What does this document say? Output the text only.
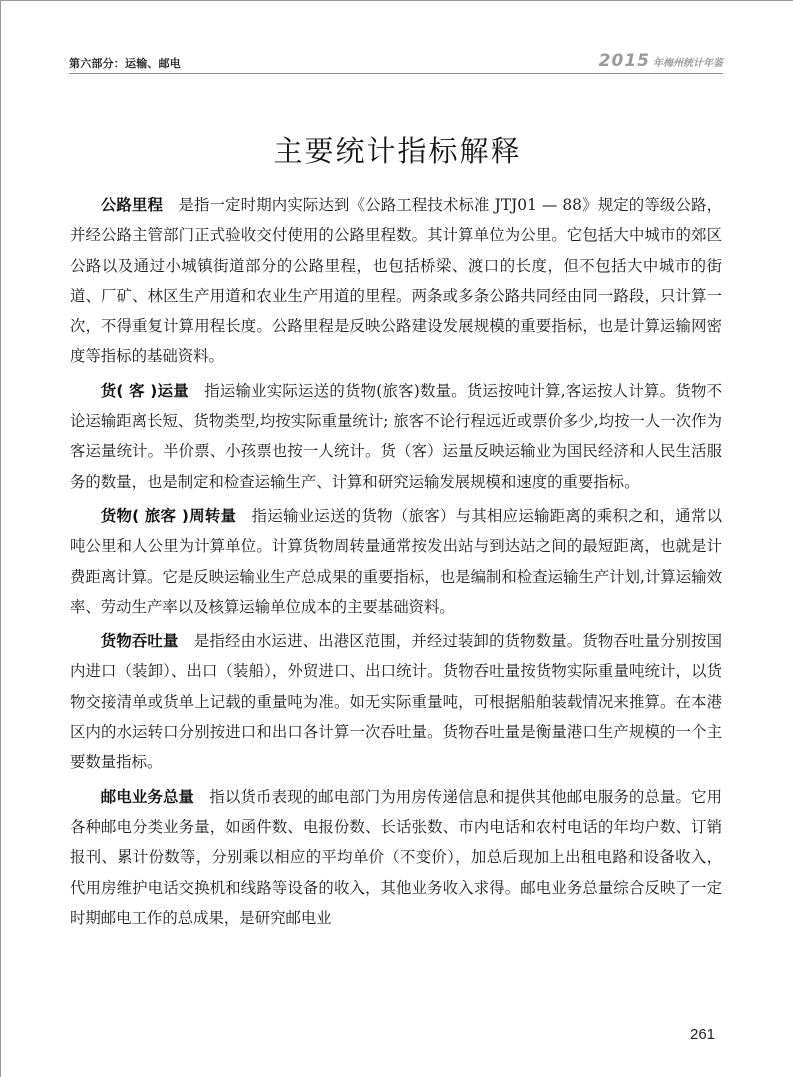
第六部分：运输、邮电	2015 年梅州统计年鉴
主要统计指标解释

公路里程 是指一定时期内实际达到《公路工程技术标准 JTJ01 — 88》规定的等级公路，并经公路主管部门正式验收交付使用的公路里程数。其计算单位为公里。它包括大中城市的郊区公路以及通过小城镇街道部分的公路里程，也包括桥梁、渡口的长度，但不包括大中城市的街道、厂矿、林区生产用道和农业生产用道的里程。两条或多条公路共同经由同一路段，只计算一次，不得重复计算用程长度。公路里程是反映公路建设发展规模的重要指标，也是计算运输网密度等指标的基础资料。

货( 客 )运量 指运输业实际运送的货物(旅客)数量。货运按吨计算,客运按人计算。货物不论运输距离长短、货物类型,均按实际重量统计; 旅客不论行程远近或票价多少,均按一人一次作为客运量统计。半价票、小孩票也按一人统计。货（客）运量反映运输业为国民经济和人民生活服务的数量，也是制定和检查运输生产、计算和研究运输发展规模和速度的重要指标。

货物( 旅客 )周转量 指运输业运送的货物（旅客）与其相应运输距离的乘积之和，通常以吨公里和人公里为计算单位。计算货物周转量通常按发出站与到达站之间的最短距离，也就是计费距离计算。它是反映运输业生产总成果的重要指标，也是编制和检查运输生产计划,计算运输效率、劳动生产率以及核算运输单位成本的主要基础资料。

货物吞吐量 是指经由水运进、出港区范围，并经过装卸的货物数量。货物吞吐量分别按国内进口（装卸）、出口（装船），外贸进口、出口统计。货物吞吐量按货物实际重量吨统计，以货物交接清单或货单上记载的重量吨为准。如无实际重量吨，可根据船舶装载情况来推算。在本港区内的水运转口分别按进口和出口各计算一次吞吐量。货物吞吐量是衡量港口生产规模的一个主要数量指标。

邮电业务总量 指以货币表现的邮电部门为用房传递信息和提供其他邮电服务的总量。它用各种邮电分类业务量，如函件数、电报份数、长话张数、市内电话和农村电话的年均户数、订销报刊、累计份数等，分别乘以相应的平均单价（不变价），加总后现加上出租电路和设备收入，代用房维护电话交换机和线路等设备的收入，其他业务收入求得。邮电业务总量综合反映了一定时期邮电工作的总成果，是研究邮电业

261
